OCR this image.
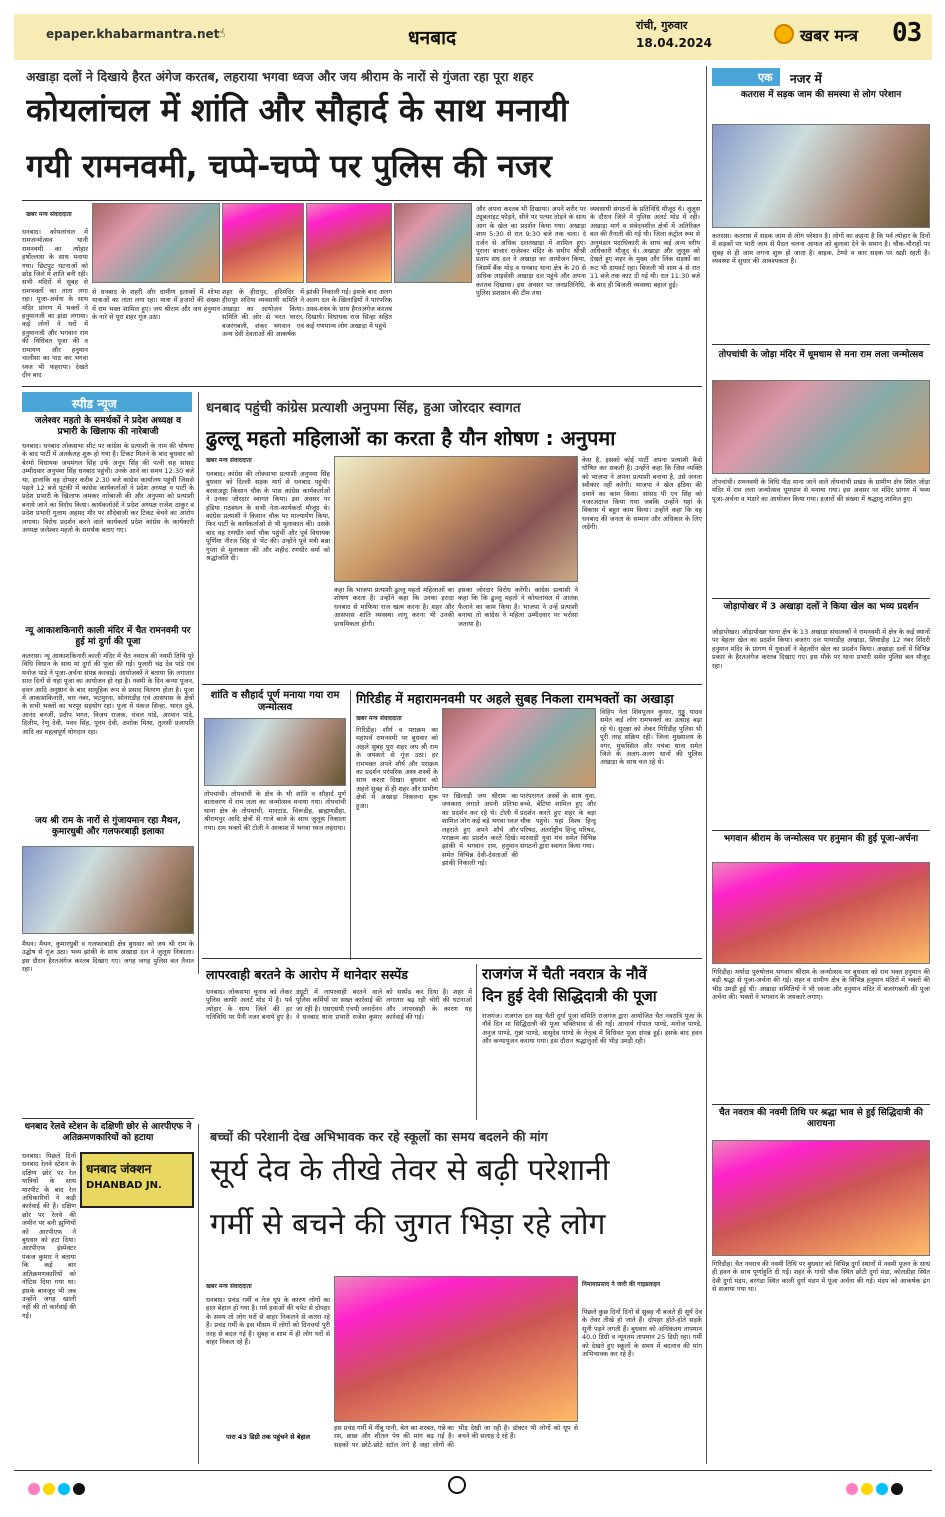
epaper.khabarmantra.net
☝	धनबाद
रांची, गुरुवार
18.04.2024	खबर मन्त्र 03
अखाड़ा दलों ने दिखाये हैरत अंगेज करतब, लहराया भगवा ध्वज और जय श्रीराम के नारों से गुंजता रहा पूरा शहर
कोयलांचल में शांति और सौहार्द के साथ मनायी
गयी रामनवमी, चप्पे-चप्पे पर पुलिस की नजर
खबर मन्त्र संवाददाता
धनबाद। कोयलांचल में रामजन्मोत्सव यानी रामनवमी का त्योहार हर्षोल्लास के साथ मनाया गया। छिटपुट घटनाओं को छोड़ जिले में शांति बनी रही। सभी मंदिरों में सुबह से रामभक्तों का तांता लगा रहा। पूजा-अर्चना के साथ मंदिर प्रांगण में भक्तों ने हनुमानजी का झंडा लगाया। कई लोगों ने घरों में हनुमानजी और भगवान राम की विधिवत पूजा की व रामायण और हनुमान चालीसा का पाठ कर भगवा ध्वज भी फहराया। देखते दीन बाद
से धनबाद के शहरी और ग्रामीण इलाकों में शोभा यात्राओं का तांता लगा रहा। यात्रा में हजारों की संख्या में राम भक्त शामिल हुए। जय श्रीराम और जय हनुमान के नारे से पूरा शहर गूंज उठा।
शहर के हीरापुर, हरिमंदिर में हीरापुर सदिया व्यवसायी समिति ने अखाड़ा का आयोजन किया। समिति की ओर से भरत भारत, बजरंगबली, शंकर भगवान एवं अन्य देवी देवताओं की आकर्षक
झांकी निकाली गई। इसके बाद अलग अलग दल के खिलाड़ियों ने पारंपरिक अस्त्र-शस्त्र के साथ हैरतअंगेज करतब दिखाये। विधायक राज सिन्हा सहित कई गणमान्य लोग अखाड़ा में पहुंचे
और अपना करतब भी दिखाया। अपने शरीर पर ट्यूबलाइट फोड़ने, सीने पर पत्थर तोड़ने के साथ आग के खेल का प्रदर्शन किया गया। अखाड़ा शाम 5:30 से रात 9:30 बजे तक चला। दे दर्जन से अधिक दलतखाड़ा में शामिल हुए। पुराना बाजार राजेश्वर मंदिर के समीप श्रीश्री प्रताप संघ दल ने अखाड़ा का आयोजन किया, जिसमें बैंक मोड़ व धनबाद थाना क्षेत्र के 20 से अधिक लाइसेंसी अखाड़ा दल पहुंचे और अपना करतब दिखाया। इस अवसर पर जनप्रतिनिधि, पुलिस प्रशासन की टीम तथा
व्यवसायी संगठनों के प्रतिनिधि मौजूद थे। जुलूस के दौरान जिले में पुलिस अलर्ट मोड में रही। अखाड़ा मार्ग व संवेदनशील क्षेत्रों में अतिरिक्त बल की तैनाती की गई थी। जिला कंट्रोल रूम से अनुमंडल पदाधिकारी के साथ कई अन्य वरीय अधिकारी मौजूद थे। अखाड़ा और जुलूस को देखते हुए शहर के मुख्य और लिंक सड़कों का रूट भी डायवर्ट रहा। बिजली भी शाम 4 से रात 11 बजे तक काट दी गई थी। रात 11:30 बजे के बाद ही बिजली व्यवस्था बहाल हुई।
स्पीड न्यूज
जलेश्वर महतो के समर्थकों ने प्रदेश अध्यक्ष व प्रभारी के खिलाफ की नारेबाजी
धनबाद। धनबाद लोकसभा सीट पर कांग्रेस के प्रत्याशी के नाम की घोषणा के बाद पार्टी में अंतर्कलह शुरू हो गया है। टिकट मिलने के बाद बुधवार को बेरमो विधायक जयमंगल सिंह उर्फ अनूप सिंह की पत्नी सह सांसद उम्मीदवार अनुपमा सिंह धनबाद पहुंची। उनके आने का समय 12:30 बजे था, हालांकि वह दोपहर करीब 2.30 बजे कांग्रेस कार्यालय पहुंचीं जिससे पहले 12 बजे पुटकी में कांग्रेस कार्यकर्ताओं ने प्रदेश अध्यक्ष व पार्टी के प्रदेश प्रभारी के खिलाफ जमकर नारेबाजी की और अनुपमा को प्रत्याशी बनाये जाने का विरोध किया। कार्यकर्ताओं ने प्रदेश अध्यक्ष राजेश ठाकुर व प्रदेश प्रभारी गुलाम अहमद मीर पर सौदेबाजी कर टिकट बेचने का आरोप लगाया। विरोध प्रदर्शन करने वाले कार्यकर्ता प्रदेश कांग्रेस के कार्यकारी अध्यक्ष जलेश्वर महतो के समर्थक बताए गए।
न्यू आकाशकिनारी काली मंदिर में चैत रामनवमी पर हुई मां दुर्गा की पूजा
कतरास। न्यू आकाशकिनारी काली मंदिर में चैत नवरात्र की नवमी तिथि पूरे विधि विधान के साथ मां दुर्गा की पूजा की गई। पुजारी चंद्र देव पांडे एवं मनोज पांडे ने पूजा-अर्चना संपन्न करवाई। आयोजकों ने बताया कि लगातार सात दिनों से यहां पूजा का आयोजन हो रहा है। नवमी के दिन कन्या पूजन, हवन आदि अनुष्ठान के बाद सामूहिक रूप से प्रसाद वितरण होता है। पूजा में आकाशकिनारी, चार नंबर, भटमुरना, सोनारडीह एवं आसपास के क्षेत्रों के सभी भक्तों का भरपूर सहयोग रहा। पूजा में पंकज सिन्हा, भारत दुबे, आनंद बनर्जी, प्रदीप भगत, विजय राजक, चंचल पांडे, अरमान पांडे, दिलीप, रेणु देवी, पवन सिंह, पूनम देवी, अशोक मिश्रा, तुलसी प्रजापति आदि का महत्वपूर्ण योगदान रहा।
जय श्री राम के नारों से गुंजायमान रहा मैथन, कुमारधुबी और गलफरबाड़ी इलाका
मैथन। मैथन, कुमारधुबी व गलफरबाड़ी क्षेत्र बुधवार को जय श्री राम के उद्घोष से गूंज उठा। भव्य झांकी के साथ अखाड़ा दल ने जुलूस निकाला। इस दौरान हैरतअंगेज करतब दिखाए गए। जगह जगह पुलिस बल तैनात रहा।
धनबाद पहुंची कांग्रेस प्रत्याशी अनुपमा सिंह, हुआ जोरदार स्वागत
ढुल्लू महतो महिलाओं का करता है यौन शोषण : अनुपमा
खबर मन्त्र संवाददाता
धनबाद। कांग्रेस की लोकसभा प्रत्याशी अनुपमा सिंह बुधवार को दिल्ली सड़क मार्ग से धनबाद पहुंची। बरवाअड्डा किसान चौक के पास कांग्रेस कार्यकर्ताओं ने उनका जोरदार स्वागत किया। इस अवसर पर इंडिया गठबंधन के सभी नेता-कार्यकर्ता मौजूद थे। कांग्रेस प्रत्याशी ने किसान चौक पर माल्यार्पण किया, फिर पार्टी के कार्यकर्ताओं से भी मुलाकात की। उसके बाद वह रणधीर वर्मा चौक पहुंचीं और पूर्व विधायक पूर्णिमा नीरज सिंह से भेंट की। उन्होंने पूर्व मंत्री बन्ना गुप्ता से मुलाकात की और शहीद रणधीर वर्मा को श्रद्धांजलि दी।
कहा कि भाजपा प्रत्याशी ढुल्लू महतो महिलाओं का शोषण करता है। उन्होंने कहा कि उनका इरादा धनबाद से माफिया राज खत्म करना है। शहर और आसपास शांति व्यवस्था लागू करना भी उनकी प्राथमिकता होगी।
इसका जोरदार विरोध करेंगी। कांग्रेस प्रत्याशी ने कहा कि कि ढुल्लू महतो ने कोयलांचल में आतंक फैलाने का काम किया है। भाजपा ने उन्हें प्रत्याशी बनाया तो कांग्रेस ने महिला उम्मीदवार पर भरोसा जताया है।
केस है, इसको कोई पार्टी अपना प्रत्याशी कैसे घोषित कर सकती है। उन्होंने कहा कि जिस व्यक्ति को भाजपा ने अपना प्रत्याशी बनाया है, उसे जनता स्वीकार नहीं करेगी। भाजपा ने खेल इंडिया की दमाने का काम किया। सांसद पी एन सिंह को नजरअंदाज किया गया जबकि उन्होंने यहां के विकास में बहुत काम किया। उन्होंने कहा कि वह धनबाद की जनता के सम्मान और अधिकार के लिए लड़ेंगी।
शांति व सौहार्द पूर्ण मनाया गया राम जन्मोत्सव
तोपचांची। तोपचांची के क्षेत्र के भी शांति व सौहार्द पूर्ण वातावरण में राम लला का जन्मोत्सव मनाया गया। तोपचांची थाना क्षेत्र के तोपचांची, मानटांड, चिरूडीह, ब्राह्मणडीहा, श्रीरामपुर आदि क्षेत्रों से गाजे बाजे के साथ जुलूस निकाला गया। राम भक्तों की टोली ने आकाश में भगवा ध्वज लहराया।
गिरिडीह में महारामनवमी पर अहले सुबह निकला रामभक्तों का अखाड़ा
खबर मन्त्र संवाददाता
गिरिडीह। शौर्य व पराक्रम का महापर्व रामनवमी पर बुधवार को अहले सुबह पूरा शहर जय श्री राम के जयकारे से गूंज उठा। हर रामभक्त अपने शौर्य और पराक्रम का प्रदर्शन परंपरिक अस्त्र शस्त्रों के साथ करता दिखा। बुधवार को अहले सुबह से ही शहर और ग्रामीण क्षेत्रों में अखाड़ा निकलना शुरू हुआ।
पर खिलाड़ी जय श्रीराम का जयकारा लगाते अपनी प्रतिभा का प्रदर्शन कर रहे थे। टोली में शामिल लोग कई बड़े भगवा ध्वज लहराते हुए अपने शौर्य और पराक्रम का प्रदर्शन करते दिखे। झांकी में भगवान राम, हनुमान समेत विभिन्न देवी-देवताओं की झांकी निकाली गई।
पारंपरागत अस्त्रों के साथ युवा, बच्चे, बेटियां शामिल हुए और प्रदर्शन करते हुए शहर के बड़ा चौक पहुंचे। यहां विश्व हिन्दू परिषद, अंतर्राष्ट्रीय हिन्दू परिषद, मारवाड़ी युवा मंच समेत विभिन्न संगठनों द्वारा स्वागत किया गया।
विहिप नेता शिवपूजन कुमार, गुड्डू यादव समेत कई लोग रामभक्तों का उत्साह बढ़ा रहे थे। सुरक्षा को लेकर गिरिडीह पुलिस भी पूरी तरह सक्रिय रही। जिला मुख्यालय के नगर, मुफस्सिल और पचंबा थाना समेत जिले के अलग-अलग थानों की पुलिस अखाड़ा के साथ चल रहे थे।
लापरवाही बरतने के आरोप में थानेदार सस्पेंड
धनबाद। लोकसभा चुनाव को लेकर पुलिस काफी अलर्ट मोड में है। पर्व त्योहार के साथ जिले की हर गतिविधि पर पैनी नजर बनाये हुए है। ड्यूटी में लापरवाही बरतने वाले पुलिस कर्मियों पर सख्त कार्रवाई की जा रही है। एसएसपी एचपी जनार्दनन ने धनबाद थाना प्रभारी राजेश कुमार को सस्पेंड कर दिया है। शहर में लगातार बढ़ रही चोरी की घटनाओं और लापरवाही के कारण यह कार्रवाई की गई।
राजगंज में चैती नवरात्र के नौवें
दिन हुई देवी सिद्धिदात्री की पूजा
राजगंज। राजगंज दल सह चैती दुर्गा पूजा समिति राजगंज द्वारा आयोजित चैत नवरात्रि पूजा के नौवें दिन मां सिद्धिदात्री की पूजा भक्तिभाव से की गई। आचार्य गोपाल पाण्डे, मनोज पाण्डे, अनुज पाण्डे, गुन्ना पाण्डे, वासुदेव पाण्डे के नेतृत्व में विधिवत पूजा संपन्न हुई। इसके बाद हवन और कन्यापूजन कराया गया। इस दौरान श्रद्धालुओं की भीड़ उमड़ी रही।
धनबाद रेलवे स्टेशन के दक्षिणी छोर से आरपीएफ ने अतिक्रमणकारियों को हटाया
धनबाद जंक्शन
DHANBAD JN.
धनबाद। पिछले दिनों धनबाद रेलवे स्टेशन के दक्षिण छोर पर रेल यात्रियों के साथ मारपीट के बाद रेल अधिकारियों ने कड़ी कार्रवाई की है। दक्षिण छोर पर रेलवे की जमीन पर बनी झुग्गियों को आरपीएफ ने बुधवार को हटा दिया। आरपीएफ इंस्पेक्टर पंकज कुमार ने बताया कि कई बार अतिक्रमणकारियों को नोटिस दिया गया था। इसके बावजूद भी जब उन्होंने जगह खाली नहीं की तो कार्रवाई की गई।
बच्चों की परेशानी देख अभिभावक कर रहे स्कूलों का समय बदलने की मांग
सूर्य देव के तीखे तेवर से बढ़ी परेशानी
गर्मी से बचने की जुगत भिड़ा रहे लोग
खबर मन्त्र संवाददाता
धनबाद। प्रचंड गर्मी व तेज धूप के कारण लोगों का हाल बेहाल हो गया है। गर्म हवाओं की चपेट से दोपहर के समय तो लोग घरों से बाहर निकलने से कतरा रहे हैं। प्रचंड गर्मी के इस मौसम में लोगों को दिनचर्या पूरी तरह से बदल गई है। सुबह व शाम में ही लोग घरों से बाहर निकल रहे हैं।
पारा 43 डिग्री तक पहुंचने से बेहाल
इस प्रचंड गर्मी में नींबू पानी, बेल का शरबत, गन्ने का रस, छाछ और शीतल पेय की मांग बढ़ गई है। सड़कों पर छोटे-छोटे स्टॉल लगे हैं जहां लोगों की भीड़ देखी जा रही है। डॉक्टर भी लोगों को धूप से बचने की सलाह दे रहे हैं।
निमायाप्रसाद ने जारी की गाइडलाइन
पिछले कुछ दिनों दिनों से सुबह नौ बजते ही सूर्य देव के तेवर तीखे हो जाते हैं। दोपहर होते-होते सड़कें सूनी पड़ने लगती हैं। बुधवार को अधिकतम तापमान 40.0 डिग्री व न्यूनतम तापमान 25 डिग्री रहा। गर्मी को देखते हुए स्कूलों के समय में बदलाव की मांग अभिभावक कर रहे हैं।
एक नजर में
कतरास में सड़क जाम की समस्या से लोग परेशान
कतरास। कतरास में सड़क जाम से लोग परेशान है। लोगों का कहना है कि पर्व त्योहार के दिनों में सड़कों पर भारी जाम से पैदल चलना आफत को बुलावा देने के समान है। चौक-चौराहों पर सुबह से ही जाम लगना शुरू हो जाता है। बाइक, टेम्पो व कार सड़क पर खड़ी रहती है। व्यवस्था में सुधार की आवश्यकता है।
तोपचांची के जोड़ा मंदिर में धूमधाम से मना राम लला जन्मोत्सव
तोपचांची। रामनवमी के विधि पीठ माना जाने वाले तोपचांची प्रखंड के ग्रामीण क्षेत्र स्थित जोड़ा मंदिर में राम लला जन्मोत्सव धूमधाम से मनाया गया। इस अवसर पर मंदिर प्रांगण में भव्य पूजा-अर्चना व भंडारे का आयोजन किया गया। हजारों की संख्या में श्रद्धालु शामिल हुए।
जोड़ापोखर में 3 अखाड़ा दलों ने किया खेल का भव्य प्रदर्शन
जोड़ापोखर। जोड़ापोखर थाना क्षेत्र के 13 अखाड़ा संचालकों ने रामनवमी में क्षेत्र के कई स्थानों पर बेहतर खेल का प्रदर्शन किया। बजरंग दल पाथरडीह अखाड़ा, शिवाड़ीह 12 नंबर सिंदरी हनुमान मंदिर के प्रांगण में युवाओं ने बेहतरीन खेल का प्रदर्शन किया। अखाड़ा दलों में विभिन्न प्रकार के हैरतअंगेज करतब दिखाए गए। इस मौके पर थाना प्रभारी समेत पुलिस बल मौजूद रहा।
भगवान श्रीराम के जन्मोत्सव पर हनुमान की हुई पूजा-अर्चना
गिरिडीह। मर्यादा पुरुषोत्तम भगवान श्रीराम के जन्मोत्सव पर बुधवार को राम भक्त हनुमान की बड़ी श्रद्धा से पूजा-अर्चना की गई। शहर व ग्रामीण क्षेत्र के विभिन्न हनुमान मंदिरों में भक्तों की भीड़ उमड़ी हुई थी। अखाड़ा समितियों ने भी ध्वजा और हनुमान मंदिर में बजरंगबली की पूजा अर्चना की। भक्तों ने भगवान के जयकारे लगाए।
चैत नवरात्र की नवमी तिथि पर श्रद्धा भाव से हुई सिद्धिदात्री की आराधना
गिरिडीह। चैत नवरात्र की नवमी तिथि पर बुधवार को विभिन्न दुर्गा स्थानों में नवमी पूजन के साथ ही हवन के साथ पूर्णाहुति दी गई। शहर के गांधी चौक स्थित छोटी दुर्गा मंडा, कोलडीहा स्थित देवी दुर्गा मंडप, बरगंडा स्थित काली दुर्गा मंडप में पूजा अर्चना की गई। मंडप को आकर्षक ढंग से सजाया गया था।
